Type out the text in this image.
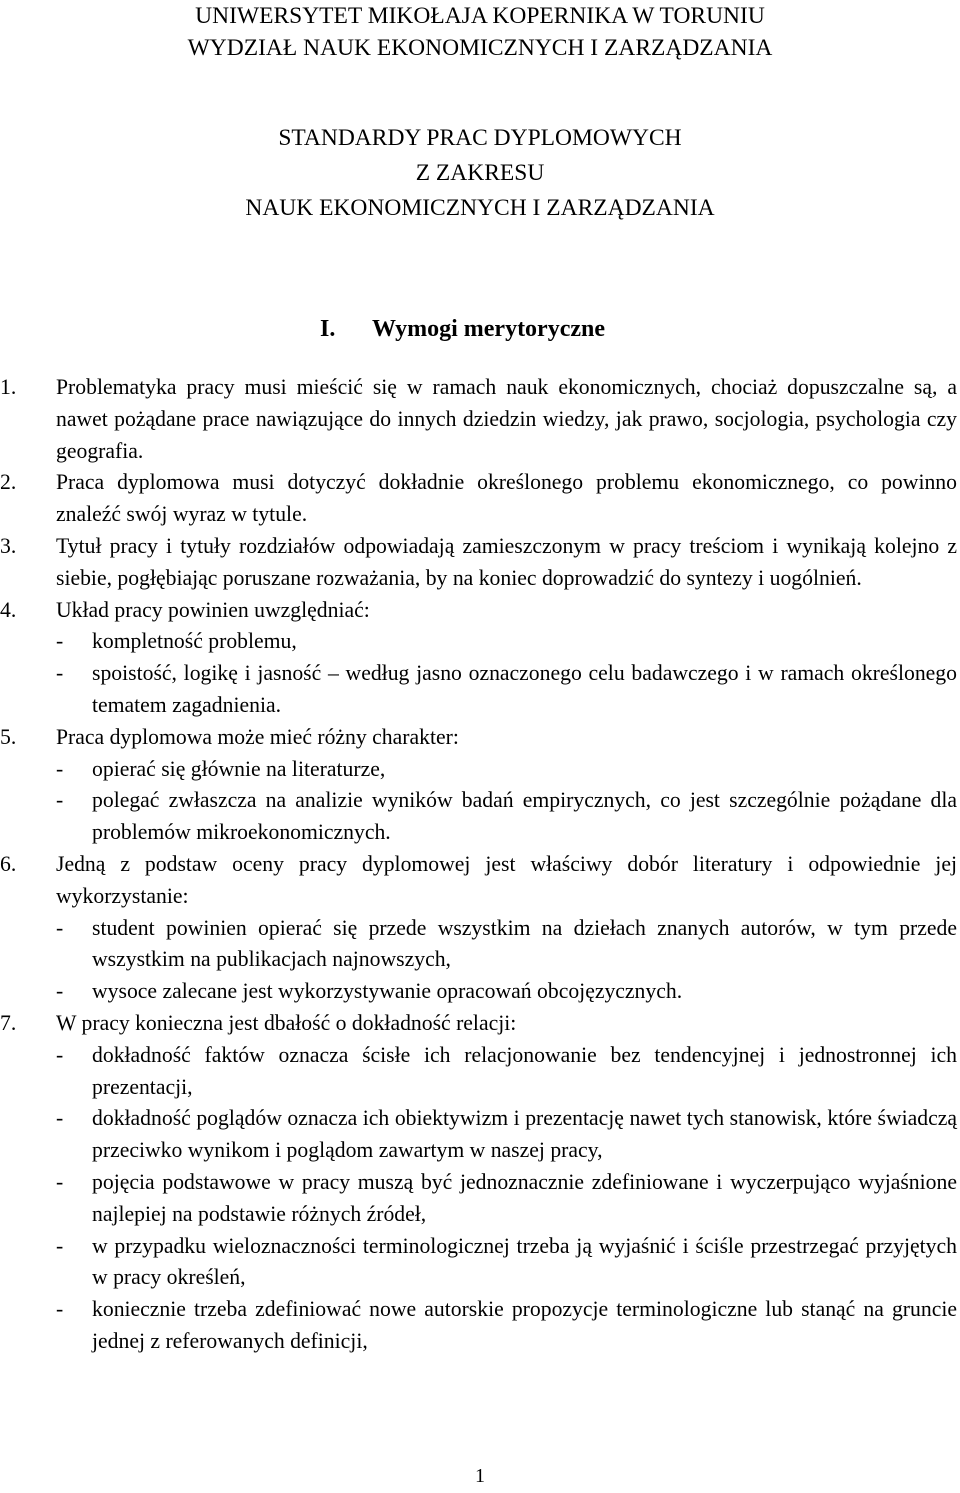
UNIWERSYTET MIKOŁAJA KOPERNIKA W TORUNIU
WYDZIAŁ NAUK EKONOMICZNYCH I ZARZĄDZANIA
STANDARDY PRAC DYPLOMOWYCH
Z ZAKRESU
NAUK EKONOMICZNYCH I ZARZĄDZANIA
I. Wymogi merytoryczne
1. Problematyka pracy musi mieścić się w ramach nauk ekonomicznych, chociaż dopuszczalne są, a nawet pożądane prace nawiązujące do innych dziedzin wiedzy, jak prawo, socjologia, psychologia czy geografia.
2. Praca dyplomowa musi dotyczyć dokładnie określonego problemu ekonomicznego, co powinno znaleźć swój wyraz w tytule.
3. Tytuł pracy i tytuły rozdziałów odpowiadają zamieszczonym w pracy treściom i wynikają kolejno z siebie, pogłębiając poruszane rozważania, by na koniec doprowadzić do syntezy i uogólnień.
4. Układ pracy powinien uwzględniać:
- kompletność problemu,
- spoistość, logikę i jasność – według jasno oznaczonego celu badawczego i w ramach określonego tematem zagadnienia.
5. Praca dyplomowa może mieć różny charakter:
- opierać się głównie na literaturze,
- polegać zwłaszcza na analizie wyników badań empirycznych, co jest szczególnie pożądane dla problemów mikroekonomicznych.
6. Jedną z podstaw oceny pracy dyplomowej jest właściwy dobór literatury i odpowiednie jej wykorzystanie:
- student powinien opierać się przede wszystkim na dziełach znanych autorów, w tym przede wszystkim na publikacjach najnowszych,
- wysoce zalecane jest wykorzystywanie opracowań obcojęzycznych.
7. W pracy konieczna jest dbałość o dokładność relacji:
- dokładność faktów oznacza ścisłe ich relacjonowanie bez tendencyjnej i jednostronnej ich prezentacji,
- dokładność poglądów oznacza ich obiektywizm i prezentację nawet tych stanowisk, które świadczą przeciwko wynikom i poglądom zawartym w naszej pracy,
- pojęcia podstawowe w pracy muszą być jednoznacznie zdefiniowane i wyczerpująco wyjaśnione najlepiej na podstawie różnych źródeł,
- w przypadku wieloznaczności terminologicznej trzeba ją wyjaśnić i ściśle przestrzegać przyjętych w pracy określeń,
- koniecznie trzeba zdefiniować nowe autorskie propozycje terminologiczne lub stanąć na gruncie jednej z referowanych definicji,
1
